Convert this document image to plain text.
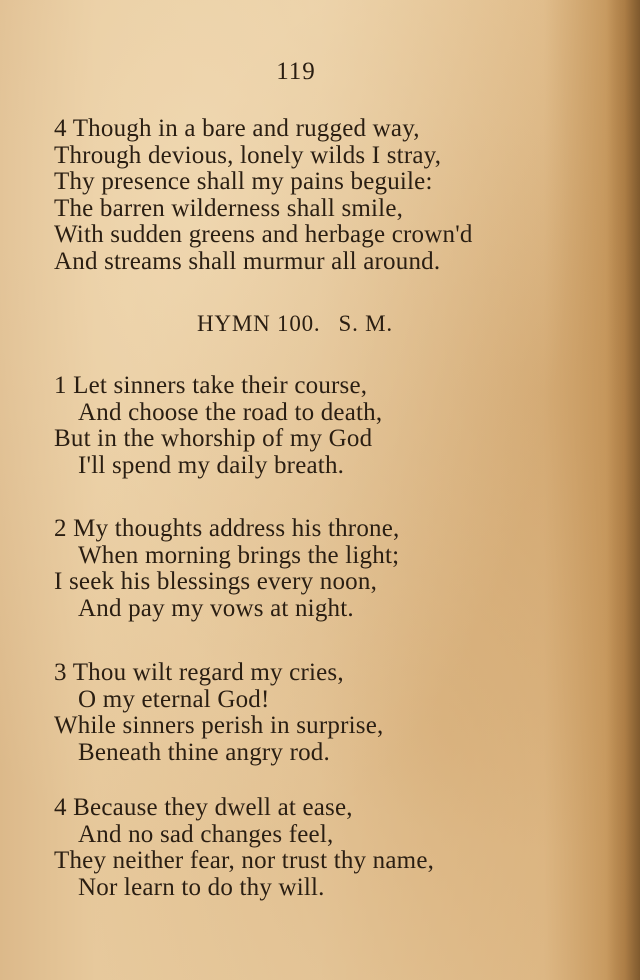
119

4 Though in a bare and rugged way,
Through devious, lonely wilds I stray,
Thy presence shall my pains beguile:
The barren wilderness shall smile,
With sudden greens and herbage crown'd
And streams shall murmur all around.

HYMN 100. S. M.

1 Let sinners take their course,
And choose the road to death,
But in the whorship of my God
I'll spend my daily breath.

2 My thoughts address his throne,
When morning brings the light;
I seek his blessings every noon,
And pay my vows at night.

3 Thou wilt regard my cries,
O my eternal God!
While sinners perish in surprise,
Beneath thine angry rod.

4 Because they dwell at ease,
And no sad changes feel,
They neither fear, nor trust thy name,
Nor learn to do thy will.
